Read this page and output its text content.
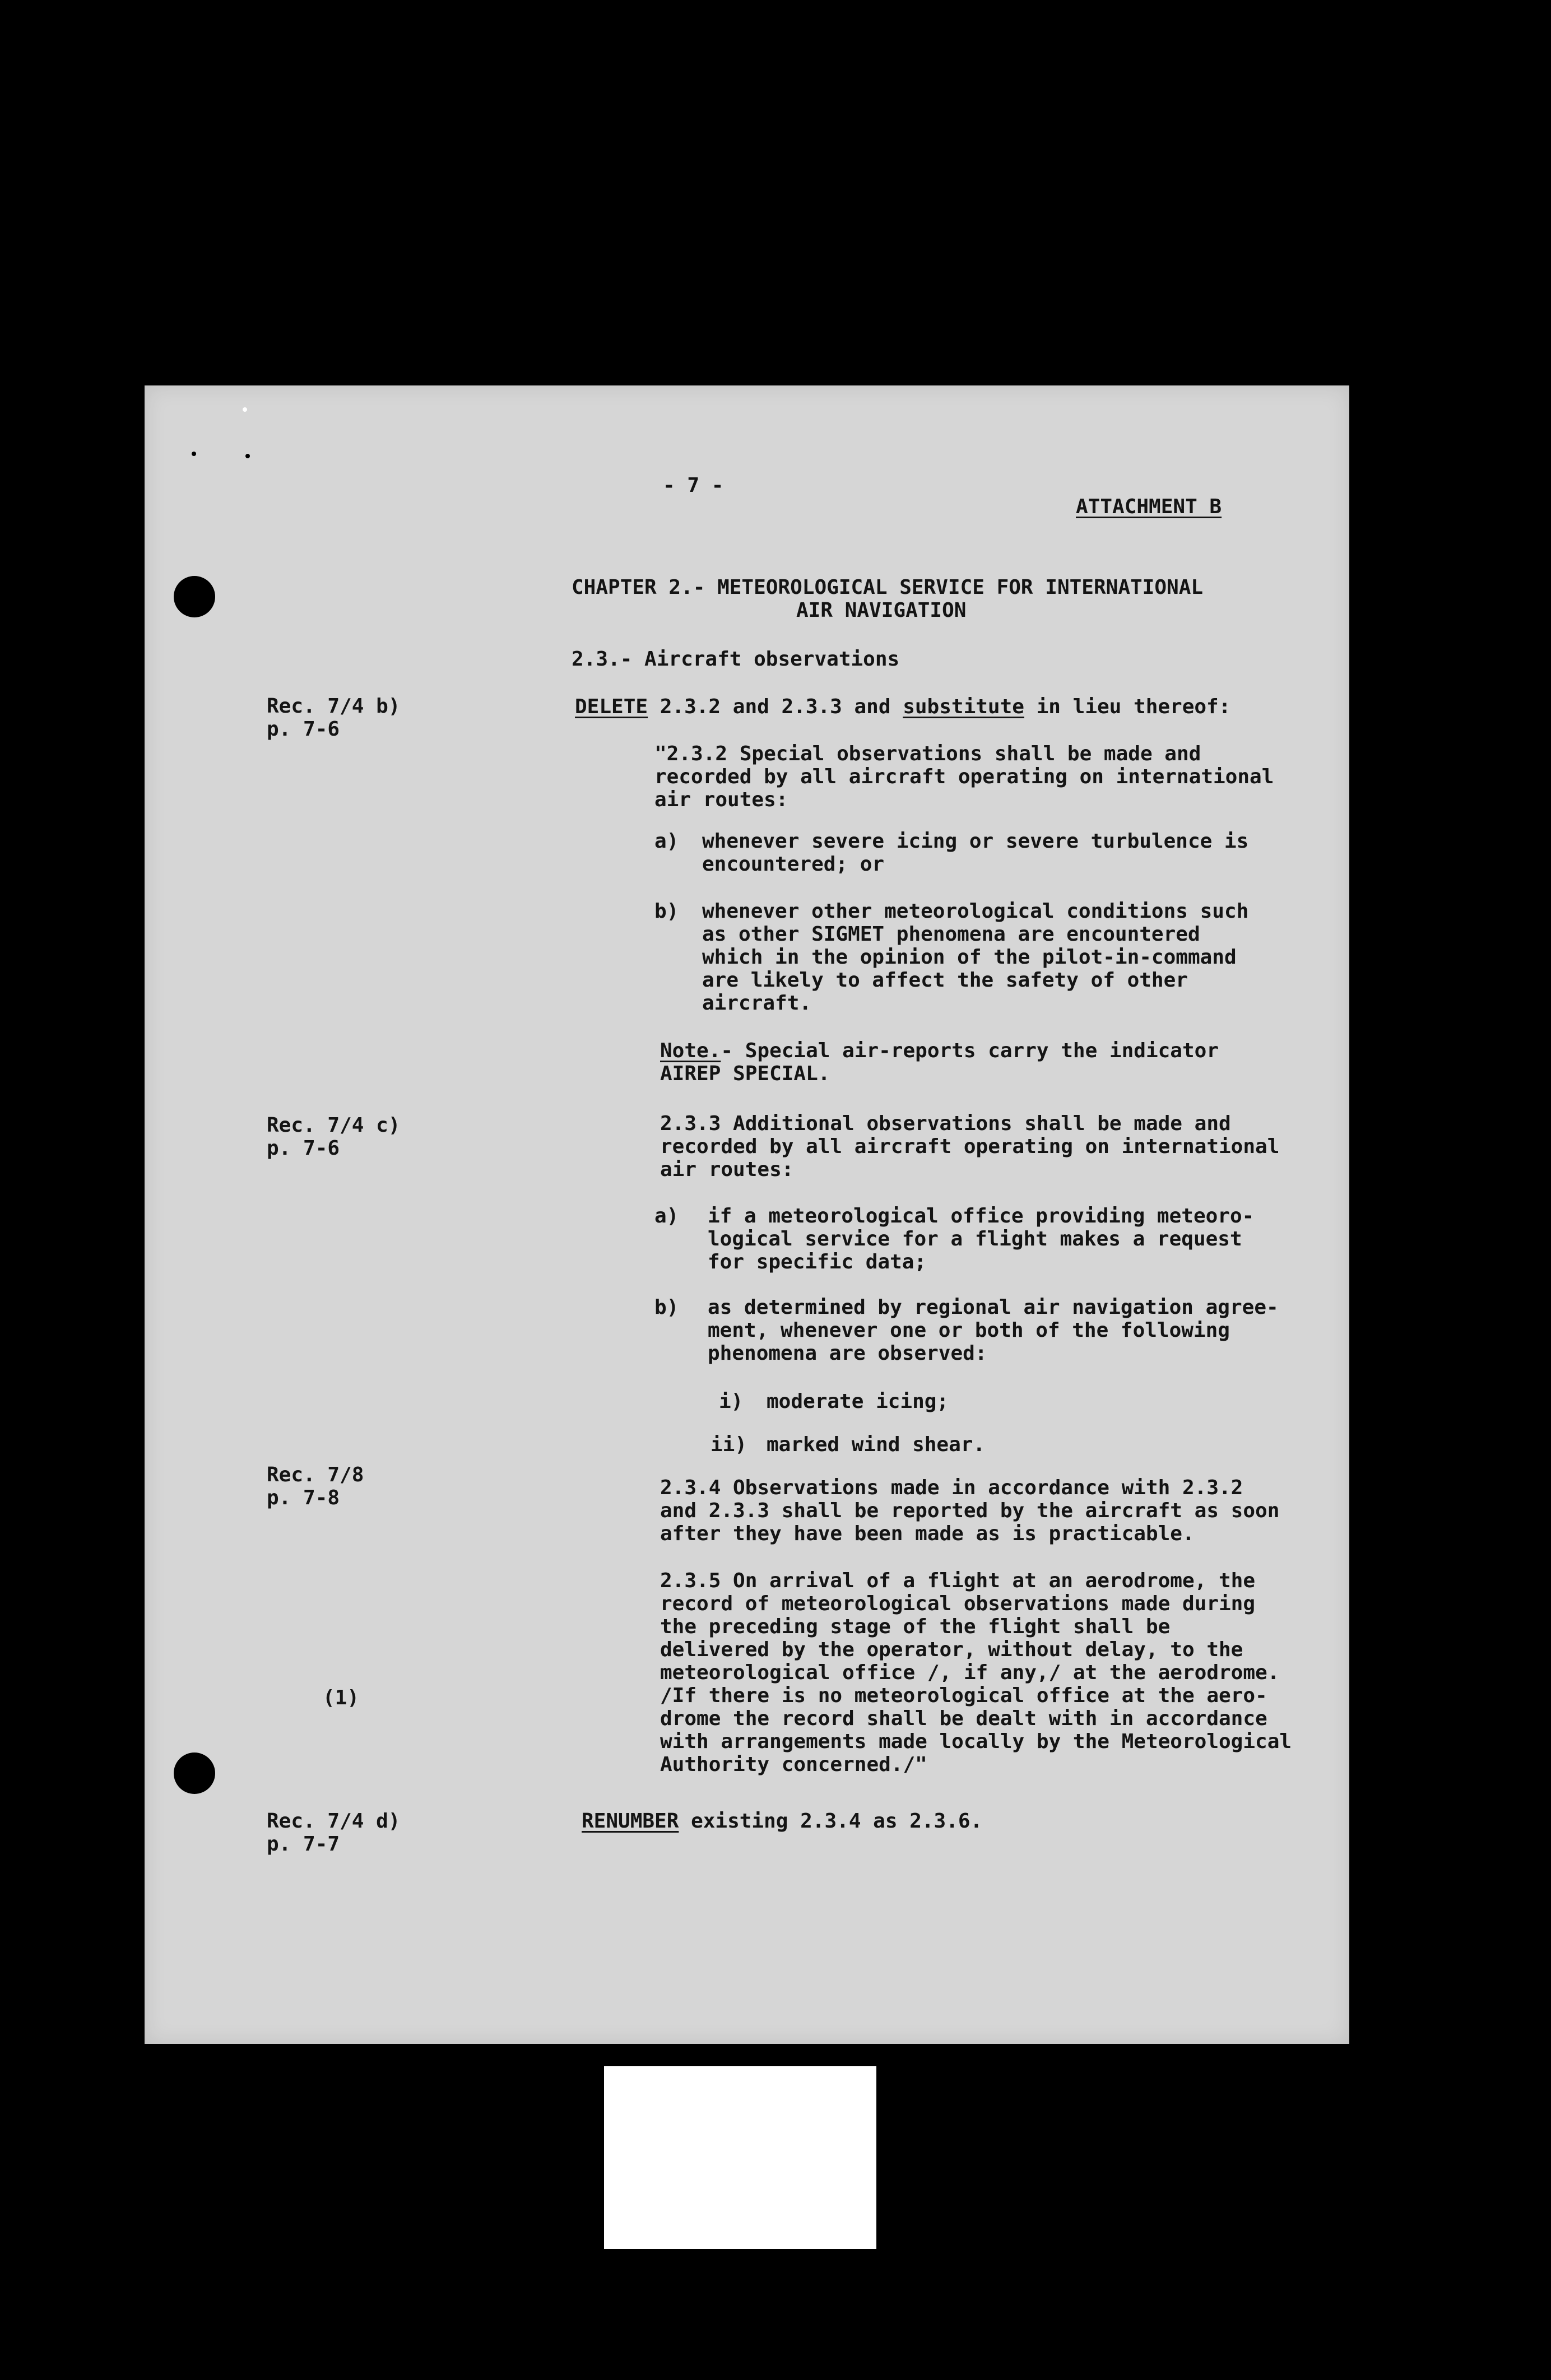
- 7 -
ATTACHMENT B
CHAPTER 2.- METEOROLOGICAL SERVICE FOR INTERNATIONAL
AIR NAVIGATION
2.3.- Aircraft observations
Rec. 7/4 b)
p. 7-6
Rec. 7/4 c)
p. 7-6
Rec. 7/8
p. 7-8
(1)
Rec. 7/4 d)
p. 7-7
DELETE 2.3.2 and 2.3.3 and substitute in lieu thereof:
"2.3.2 Special observations shall be made and
recorded by all aircraft operating on international
air routes:
a) whenever severe icing or severe turbulence is
encountered; or
b) whenever other meteorological conditions such
as other SIGMET phenomena are encountered
which in the opinion of the pilot-in-command
are likely to affect the safety of other
aircraft.
Note.- Special air-reports carry the indicator
AIREP SPECIAL.
2.3.3 Additional observations shall be made and
recorded by all aircraft operating on international
air routes:
a) if a meteorological office providing meteoro-
logical service for a flight makes a request
for specific data;
b) as determined by regional air navigation agree-
ment, whenever one or both of the following
phenomena are observed:
i) moderate icing;
ii) marked wind shear.
2.3.4 Observations made in accordance with 2.3.2
and 2.3.3 shall be reported by the aircraft as soon
after they have been made as is practicable.
2.3.5 On arrival of a flight at an aerodrome, the
record of meteorological observations made during
the preceding stage of the flight shall be
delivered by the operator, without delay, to the
meteorological office /, if any,/ at the aerodrome.
/If there is no meteorological office at the aero-
drome the record shall be dealt with in accordance
with arrangements made locally by the Meteorological
Authority concerned./"
RENUMBER existing 2.3.4 as 2.3.6.
